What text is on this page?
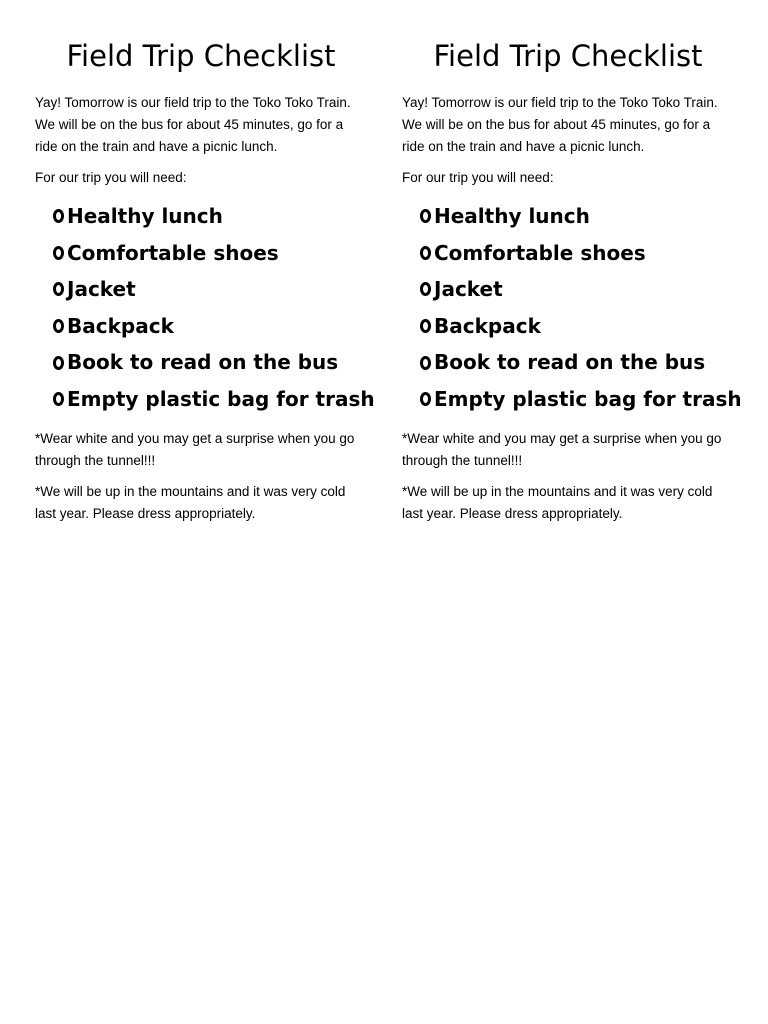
Field Trip Checklist

Yay! Tomorrow is our field trip to the Toko Toko Train. We will be on the bus for about 45 minutes, go for a ride on the train and have a picnic lunch.

For our trip you will need:

Healthy lunch
Comfortable shoes
Jacket
Backpack
Book to read on the bus
Empty plastic bag for trash

*Wear white and you may get a surprise when you go through the tunnel!!!

*We will be up in the mountains and it was very cold last year. Please dress appropriately.

Field Trip Checklist

Yay! Tomorrow is our field trip to the Toko Toko Train. We will be on the bus for about 45 minutes, go for a ride on the train and have a picnic lunch.

For our trip you will need:

Healthy lunch
Comfortable shoes
Jacket
Backpack
Book to read on the bus
Empty plastic bag for trash

*Wear white and you may get a surprise when you go through the tunnel!!!

*We will be up in the mountains and it was very cold last year. Please dress appropriately.
